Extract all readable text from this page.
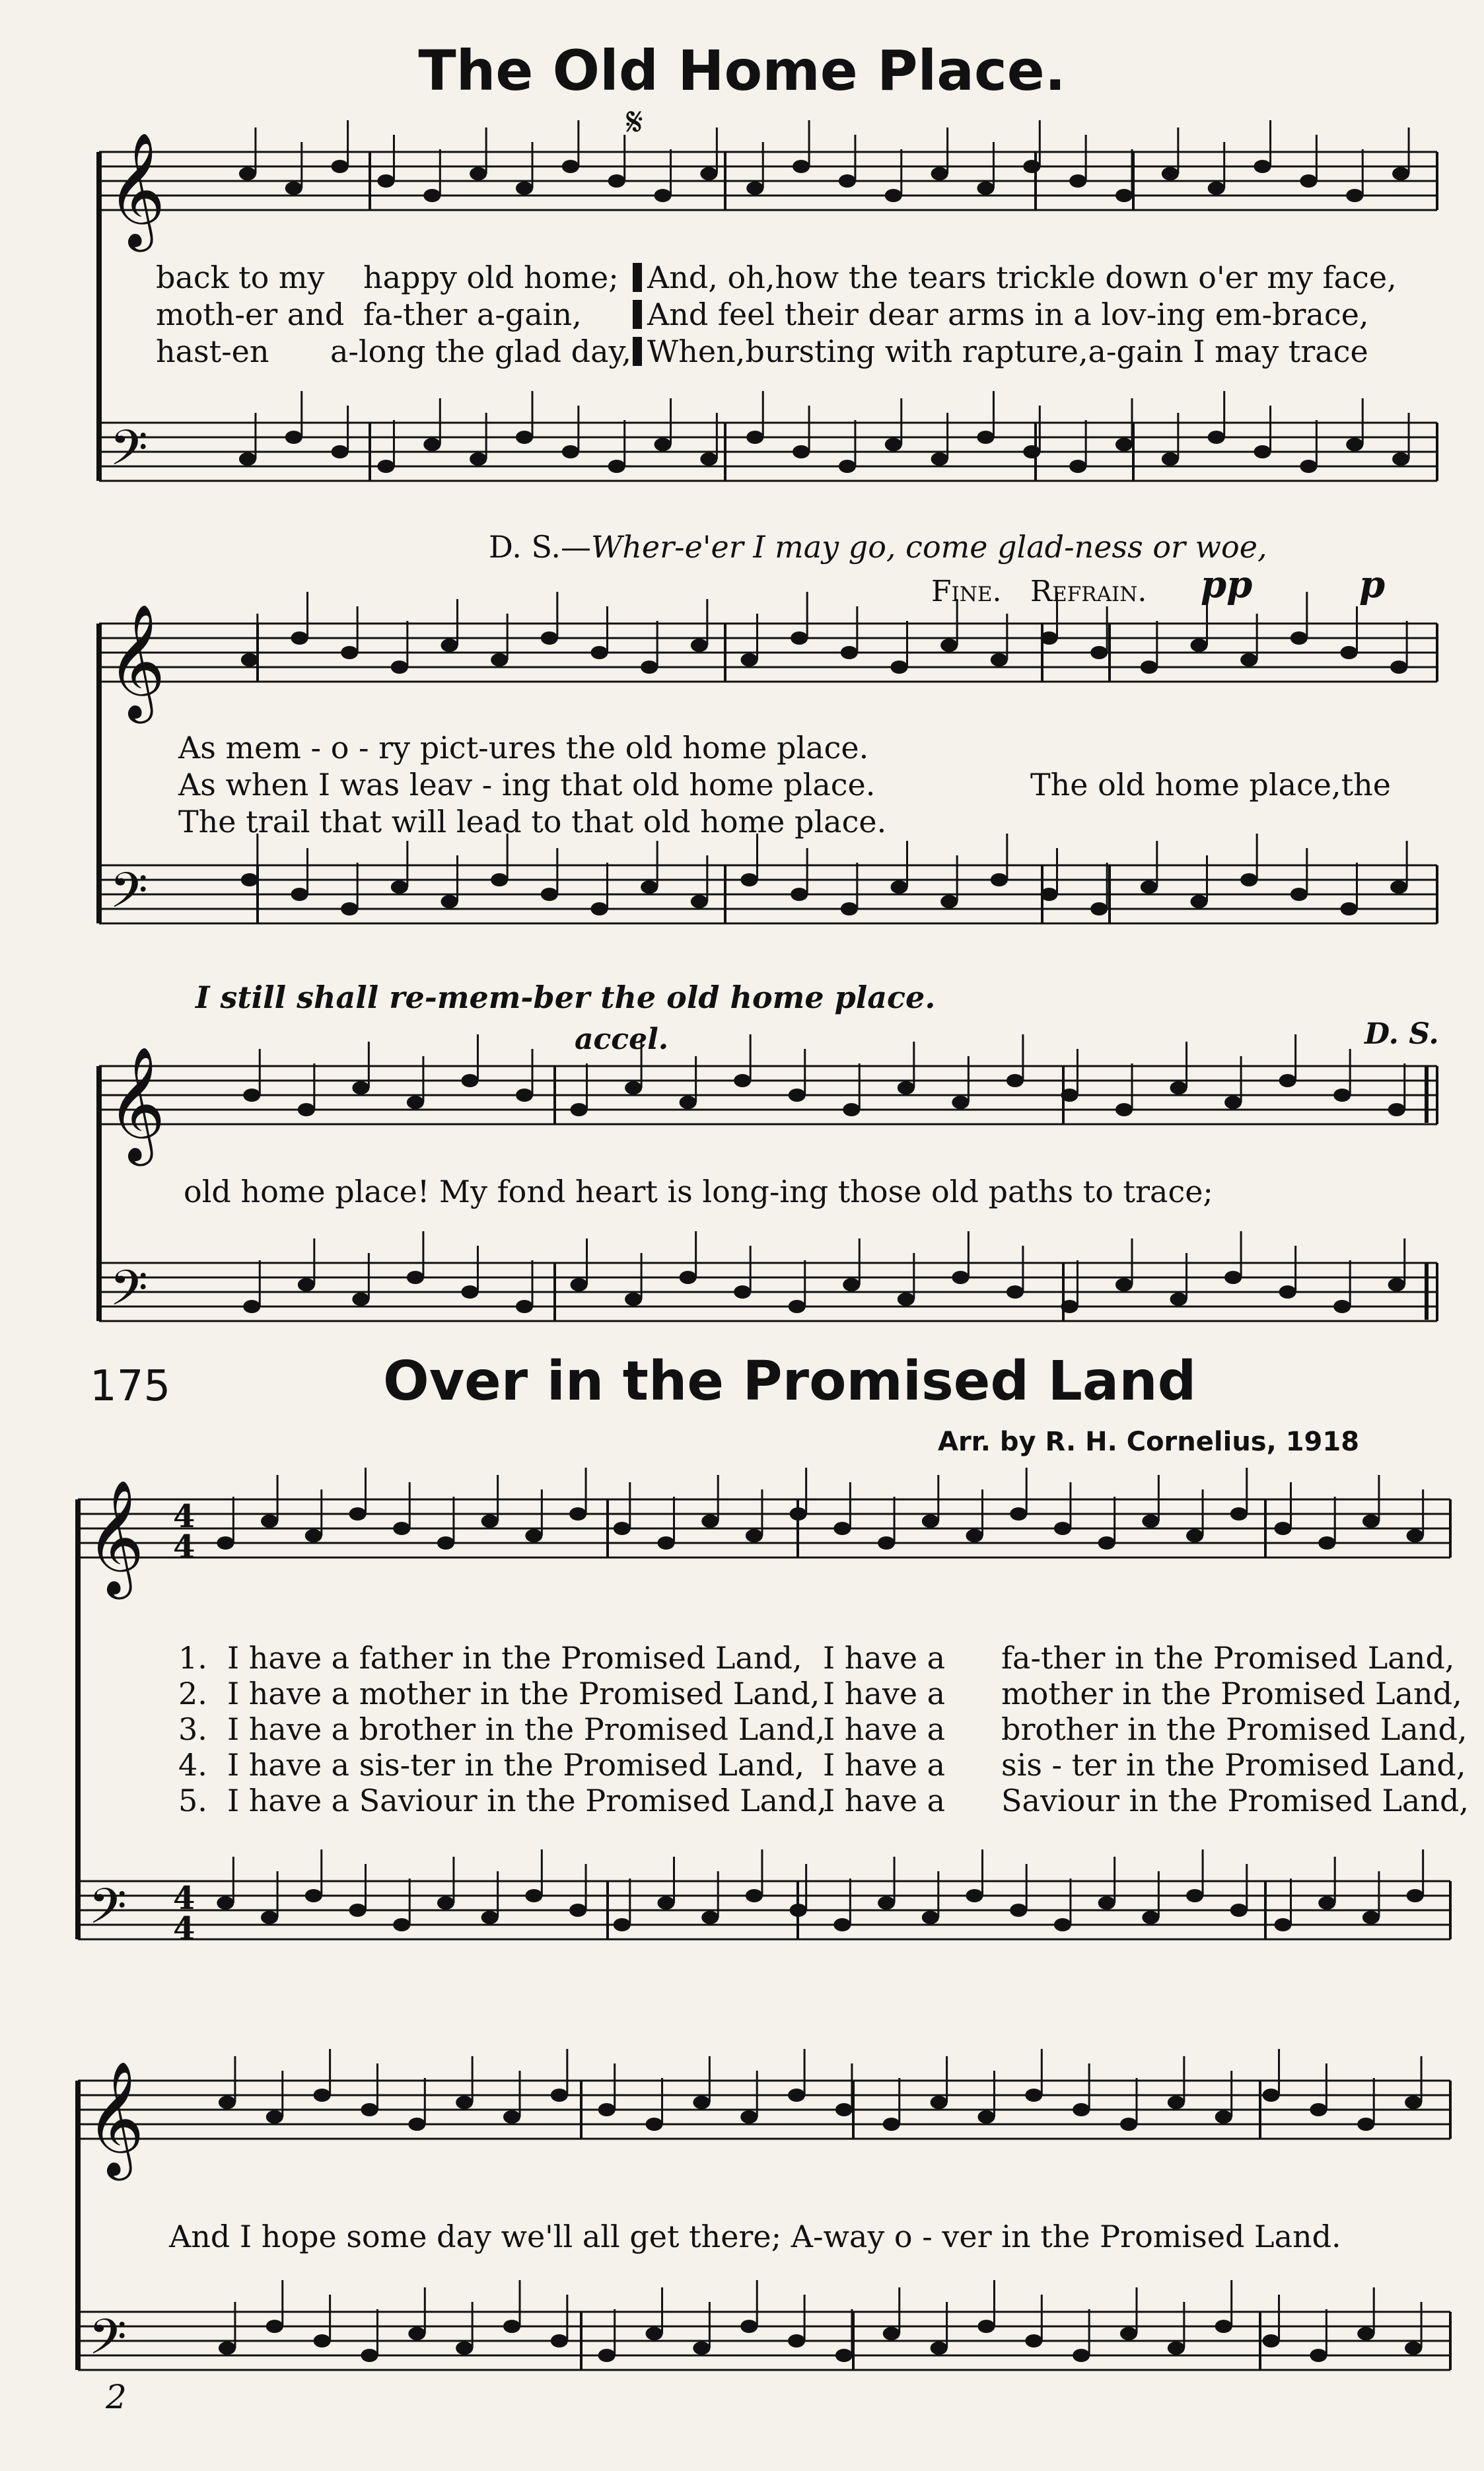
𝄞
𝄢
𝄞
𝄢
𝄞
𝄢
𝄞
𝄢
𝄞
𝄢
4
4
4
4
The Old Home Place.
𝄋
back to my happy old home; And, oh,how the tears trickle down o'er my face,
moth-er and fa-ther a-gain,	And feel their dear arms in a lov-ing em-brace,
hast-en a-long the glad day, When,bursting with rapture,a-gain I may trace
D. S.—Wher-e'er I may go, come glad-ness or woe,
Fine. Refrain. pp	p
As mem - o - ry pict-ures the old home place.
As when I was leav - ing that old home place.
The trail that will lead to that old home place.
The old home place,the
I still shall re-mem-ber the old home place.
accel.	D. S.
old home place! My fond heart is long-ing those old paths to trace;
175	Over in the Promised Land
Arr. by R. H. Cornelius, 1918
1. I have a father in the Promised Land, I have a fa-ther in the Promised Land,
2. I have a mother in the Promised Land, I have a mother in the Promised Land,
3. I have a brother in the Promised Land,
I have a brother in the Promised Land,
4. I have a sis-ter in the Promised Land, I have a sis - ter in the Promised Land,
5. I have a Saviour in the Promised Land,
I have a Saviour in the Promised Land,
And I hope some day we'll all get there; A-way o - ver in the Promised Land.
2
